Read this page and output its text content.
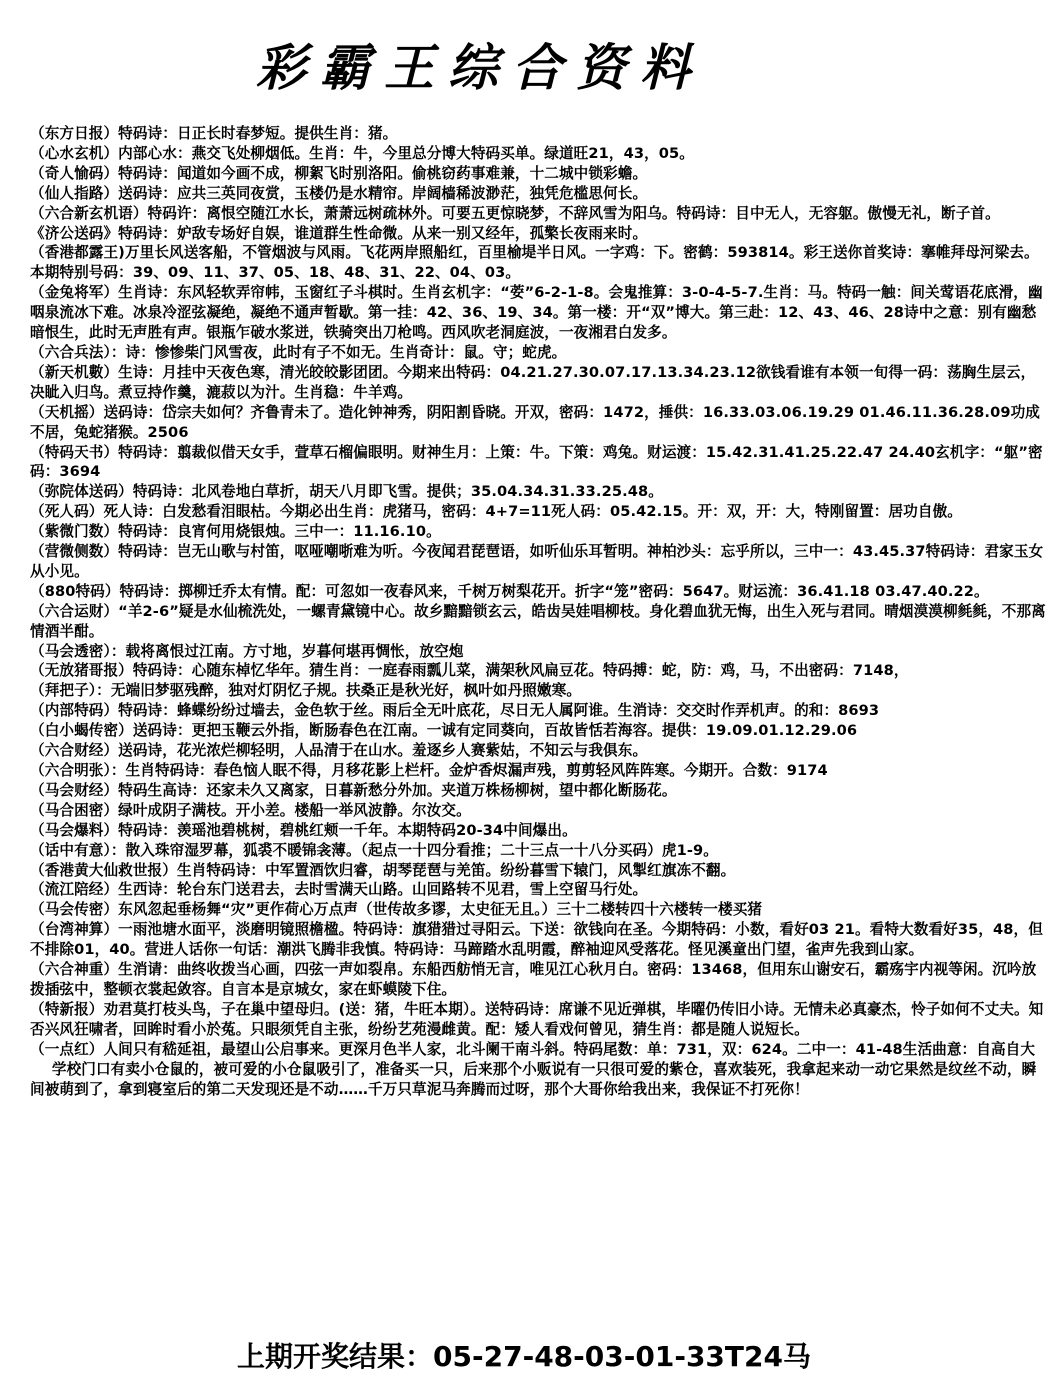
彩霸王综合资料

（东方日报）特码诗：日正长时春梦短。提供生肖：猪。

（心水玄机）内部心水：燕交飞处柳烟低。生肖：牛，今里总分博大特码买单。绿道旺21，43，05。

（奇人愉码）特码诗：闻道如今画不成，柳絮飞时别洛阳。偷桃窃药事难兼，十二城中锁彩蟾。

（仙人指路）送码诗：应共三英同夜赏，玉楼仍是水精帘。岸阔樯稀波渺茫，独凭危槛思何长。

（六合新玄机语）特码许：离恨空随江水长，萧萧远树疏林外。可要五更惊晓梦，不辞风雪为阳乌。特码诗：目中无人，无容躯。傲慢无礼，断子首。

《济公送码》特码诗：妒敌专场好自娱，谁道群生性命微。从来一别又经年，孤檠长夜雨来时。

（香港都露王)万里长风送客船，不管烟波与风雨。飞花两岸照船红，百里榆堤半日风。一字鸡：下。密鹤：593814。彩王送你首奖诗：搴帷拜母河梁去。本期特别号码：39、09、11、37、05、18、48、31、22、04、03。

（金兔将军）生肖诗：东风轻软弄帘帏，玉窗红子斗棋时。生肖玄机字：“荌”6-2-1-8。会鬼推算：3-0-4-5-7.生肖：马。特码一触：间关莺语花底滑，幽咽泉流冰下难。冰泉冷涩弦凝绝，凝绝不通声暂歇。第一挂：42、36、19、34。第一楼：开“双”博大。第三赴：12、43、46、28诗中之意：别有幽愁暗恨生，此时无声胜有声。银瓶乍破水浆迸，铁骑突出刀枪鸣。西风吹老洞庭波，一夜湘君白发多。

（六合兵法）：诗：惨惨柴门风雪夜，此时有子不如无。生肖奇计：鼠。守；蛇虎。

（新天机數）生诗：月挂中天夜色寒，清光皎皎影团团。今期来出特码：04.21.27.30.07.17.13.34.23.12欲钱看谁有本领一旬得一码：荡胸生层云，决眦入归鸟。煮豆持作羹，漉菽以为汁。生肖稳：牛羊鸡。

（天机摇）送码诗：岱宗夫如何？齐鲁青未了。造化钟神秀，阴阳割昏晓。开双，密码：1472，捶供：16.33.03.06.19.29 01.46.11.36.28.09功成不居，兔蛇猪猴。2506

（特码天书）特码诗：翦裁似借天女手，萱草石榴偏眼明。财神生月：上策：牛。下策：鸡兔。财运渡：15.42.31.41.25.22.47 24.40玄机字：“躯”密码：3694

（弥院体送码）特码诗：北风卷地白草折，胡天八月即飞雪。提供；35.04.34.31.33.25.48。

（死人码）死人诗：白发愁看泪眼枯。今期必出生肖：虎猪马，密码：4+7=11死人码：05.42.15。开：双，开：大，特刚留置：居功自傲。

（紫微门数）特码诗：良宵何用烧银烛。三中一：11.16.10。

（营微侧数）特码诗：岂无山歌与村笛，呕哑嘲哳难为听。今夜闻君琵琶语，如听仙乐耳暂明。神柏沙头：忘乎所以，三中一：43.45.37特码诗：君家玉女从小见。

（880特码）特码诗：掷柳迁乔太有情。配：可忽如一夜春风来，千树万树梨花开。折字“笼”密码：5647。财运流：36.41.18 03.47.40.22。

（六合运财）“羊2-6”疑是水仙梳洗处，一螺青黛镜中心。故乡黯黯锁玄云，皓齿吴娃唱柳枝。身化碧血犹无悔，出生入死与君同。晴烟漠漠柳毵毵，不那离情酒半酣。

（马会透密）：载将离恨过江南。方寸地，岁暮何堪再惆怅，放空炮

（无放猪哥报）特码诗：心随东棹忆华年。猜生肖：一庭春雨瓢儿菜，满架秋风扁豆花。特码搏：蛇，防：鸡，马，不出密码：7148，

（拜把子）：无端旧梦驱残醉，独对灯阴忆子规。扶桑正是秋光好，枫叶如丹照嫩寒。

（内部特码）特码诗：蜂蝶纷纷过墙去，金色软于丝。雨后全无叶底花，尽日无人属阿谁。生消诗：交交时作弄机声。的和：8693

（白小蝎传密）送码诗：更把玉鞭云外指，断肠春色在江南。一诚有定同葵向，百故皆恬若海容。提供：19.09.01.12.29.06

（六合财经）送码诗，花光浓烂柳轻明，人品清于在山水。羞逐乡人赛紫姑，不知云与我俱东。

（六合明张）：生肖特码诗：春色恼人眠不得，月移花影上栏杆。金炉香烬漏声残，剪剪轻风阵阵寒。今期开。合数：9174

（马会财经）特码生高诗：还家未久又离家，日暮新愁分外加。夹道万株杨柳树，望中都化断肠花。

（马合困密）绿叶成阴子满枝。开小差。楼船一举风波静。尔汝交。

（马会爆料）特码诗：羡瑶池碧桃树，碧桃红颊一千年。本期特码20-34中间爆出。

（话中有意）：散入珠帘湿罗幕，狐裘不暖锦衾薄。（起点一十四分看推；二十三点一十八分买码）虎1-9。

（香港黄大仙救世报）生肖特码诗：中军置酒饮归睿，胡琴琵琶与羌笛。纷纷暮雪下辕门，风掣红旗冻不翻。

（流江陪经）生西诗：轮台东门送君去，去时雪满天山路。山回路转不见君，雪上空留马行处。

（马会传密）东风忽起垂杨舞“灾”更作荷心万点声（世传故多谬，太史征无且。）三十二楼转四十六楼转一楼买猪

（台湾神算）一雨池塘水面平，淡磨明镜照檐楹。特码诗：旗猎猎过寻阳云。下送：欲钱向在圣。今期特码：小数，看好03 21。看特大数看好35，48，但不排除01，40。营进人话你一句话：潮洪飞腾非我慎。特码诗：马蹄踏水乱明霞，醉袖迎风受落花。怪见溪童出门望，雀声先我到山家。

（六合神重）生消请：曲终收拨当心画，四弦一声如裂帛。东船西舫悄无言，唯见江心秋月白。密码：13468，但用东山谢安石，霸殇宇内视等闲。沉吟放拨插弦中，整顿衣裳起敛容。自言本是京城女，家在虾蟆陵下住。

（特新报）劝君莫打枝头鸟，子在巢中望母归。(送：猪，牛旺本期）。送特码诗：席谦不见近弹棋，毕曜仍传旧小诗。无情未必真豪杰，怜子如何不丈夫。知否兴风狂啸者，回眸时看小於菟。只眼须凭自主张，纷纷艺苑漫雌黄。配：矮人看戏何曾见，猜生肖：都是随人说短长。

（一点红）人间只有嵇延祖，最望山公启事来。更深月色半人家，北斗阑干南斗斜。特码尾数：单：731，双：624。二中一：41-48生活曲意：自高自大

学校门口有卖小仓鼠的，被可爱的小仓鼠吸引了，准备买一只，后来那个小贩说有一只很可爱的紫仓，喜欢装死，我拿起来动一动它果然是纹丝不动，瞬间被萌到了，拿到寝室后的第二天发现还是不动……千万只草泥马奔腾而过呀，那个大哥你给我出来，我保证不打死你！

上期开奖结果：05-27-48-03-01-33T24马
